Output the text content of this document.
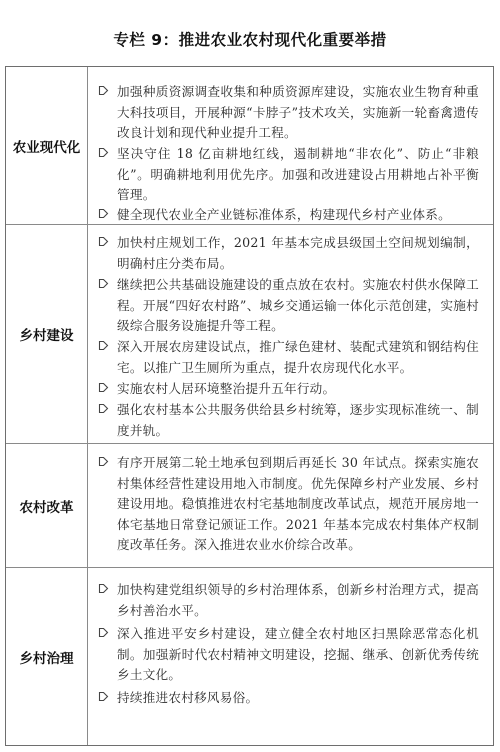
专栏 9：推进农业农村现代化重要举措
农业现代化
加强种质资源调查收集和种质资源库建设，实施农业生物育种重大科技项目，开展种源“卡脖子”技术攻关，实施新一轮畜禽遗传改良计划和现代种业提升工程。
坚决守住 18 亿亩耕地红线，遏制耕地“非农化”、防止“非粮化”。明确耕地利用优先序。加强和改进建设占用耕地占补平衡管理。
健全现代农业全产业链标准体系，构建现代乡村产业体系。
乡村建设
加快村庄规划工作，2021 年基本完成县级国土空间规划编制，明确村庄分类布局。
继续把公共基础设施建设的重点放在农村。实施农村供水保障工程。开展“四好农村路”、城乡交通运输一体化示范创建，实施村级综合服务设施提升等工程。
深入开展农房建设试点，推广绿色建材、装配式建筑和钢结构住宅。以推广卫生厕所为重点，提升农房现代化水平。
实施农村人居环境整治提升五年行动。
强化农村基本公共服务供给县乡村统筹，逐步实现标准统一、制度并轨。
农村改革
有序开展第二轮土地承包到期后再延长 30 年试点。探索实施农村集体经营性建设用地入市制度。优先保障乡村产业发展、乡村建设用地。稳慎推进农村宅基地制度改革试点，规范开展房地一体宅基地日常登记颁证工作。2021 年基本完成农村集体产权制度改革任务。深入推进农业水价综合改革。
乡村治理
加快构建党组织领导的乡村治理体系，创新乡村治理方式，提高乡村善治水平。
深入推进平安乡村建设，建立健全农村地区扫黑除恶常态化机制。加强新时代农村精神文明建设，挖掘、继承、创新优秀传统乡土文化。
持续推进农村移风易俗。
